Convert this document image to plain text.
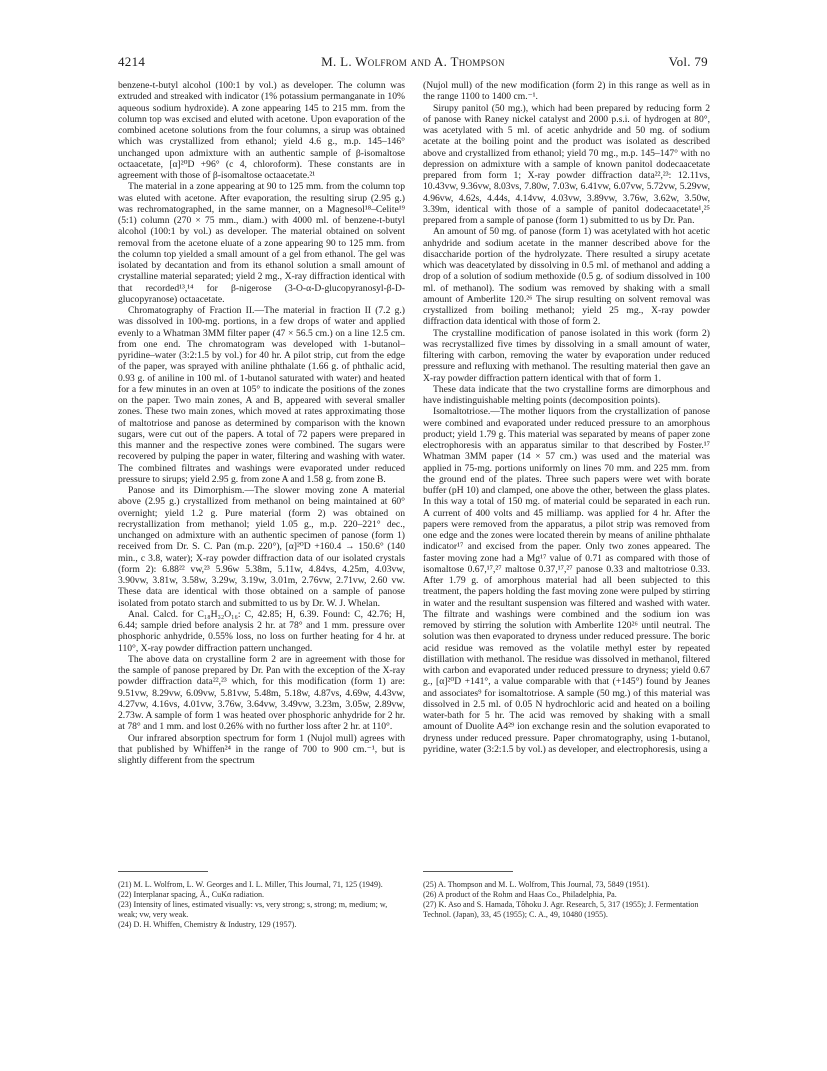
4214	M. L. Wolfrom and A. Thompson	Vol. 79

benzene-t-butyl alcohol (100:1 by vol.) as developer. The column was extruded and streaked with indicator (1% potassium permanganate in 10% aqueous sodium hydroxide). A zone appearing 145 to 215 mm. from the column top was excised and eluted with acetone. Upon evaporation of the combined acetone solutions from the four columns, a sirup was obtained which was crystallized from ethanol; yield 4.6 g., m.p. 145–146° unchanged upon admixture with an authentic sample of β-isomaltose octaacetate, [α]²⁰D +96° (c 4, chloroform). These constants are in agreement with those of β-isomaltose octaacetate.²¹

The material in a zone appearing at 90 to 125 mm. from the column top was eluted with acetone. After evaporation, the resulting sirup (2.95 g.) was rechromatographed, in the same manner, on a Magnesol¹⁸–Celite¹⁹ (5:1) column (270 × 75 mm., diam.) with 4000 ml. of benzene-t-butyl alcohol (100:1 by vol.) as developer. The material obtained on solvent removal from the acetone eluate of a zone appearing 90 to 125 mm. from the column top yielded a small amount of a gel from ethanol. The gel was isolated by decantation and from its ethanol solution a small amount of crystalline material separated; yield 2 mg., X-ray diffraction identical with that recorded¹³,¹⁴ for β-nigerose (3-O-α-D-glucopyranosyl-β-D-glucopyranose) octaacetate.

Chromatography of Fraction II.—The material in fraction II (7.2 g.) was dissolved in 100-mg. portions, in a few drops of water and applied evenly to a Whatman 3MM filter paper (47 × 56.5 cm.) on a line 12.5 cm. from one end. The chromatogram was developed with 1-butanol–pyridine–water (3:2:1.5 by vol.) for 40 hr. A pilot strip, cut from the edge of the paper, was sprayed with aniline phthalate (1.66 g. of phthalic acid, 0.93 g. of aniline in 100 ml. of 1-butanol saturated with water) and heated for a few minutes in an oven at 105° to indicate the positions of the zones on the paper. Two main zones, A and B, appeared with several smaller zones. These two main zones, which moved at rates approximating those of maltotriose and panose as determined by comparison with the known sugars, were cut out of the papers. A total of 72 papers were prepared in this manner and the respective zones were combined. The sugars were recovered by pulping the paper in water, filtering and washing with water. The combined filtrates and washings were evaporated under reduced pressure to sirups; yield 2.95 g. from zone A and 1.58 g. from zone B.

Panose and its Dimorphism.—The slower moving zone A material above (2.95 g.) crystallized from methanol on being maintained at 60° overnight; yield 1.2 g. Pure material (form 2) was obtained on recrystallization from methanol; yield 1.05 g., m.p. 220–221° dec., unchanged on admixture with an authentic specimen of panose (form 1) received from Dr. S. C. Pan (m.p. 220°), [α]²⁰D +160.4 → 150.6° (140 min., c 3.8, water); X-ray powder diffraction data of our isolated crystals (form 2): 6.88²² vw,²³ 5.96w 5.38m, 5.11w, 4.84vs, 4.25m, 4.03vw, 3.90vw, 3.81w, 3.58w, 3.29w, 3.19w, 3.01m, 2.76vw, 2.71vw, 2.60 vw. These data are identical with those obtained on a sample of panose isolated from potato starch and submitted to us by Dr. W. J. Whelan.

Anal. Calcd. for C₁₈H₃₂O₁₆: C, 42.85; H, 6.39. Found: C, 42.76; H, 6.44; sample dried before analysis 2 hr. at 78° and 1 mm. pressure over phosphoric anhydride, 0.55% loss, no loss on further heating for 4 hr. at 110°, X-ray powder diffraction pattern unchanged.

The above data on crystalline form 2 are in agreement with those for the sample of panose prepared by Dr. Pan with the exception of the X-ray powder diffraction data²²,²³ which, for this modification (form 1) are: 9.51vw, 8.29vw, 6.09vw, 5.81vw, 5.48m, 5.18w, 4.87vs, 4.69w, 4.43vw, 4.27vw, 4.16vs, 4.01vw, 3.76w, 3.64vw, 3.49vw, 3.23m, 3.05w, 2.89vw, 2.73w. A sample of form 1 was heated over phosphoric anhydride for 2 hr. at 78° and 1 mm. and lost 0.26% with no further loss after 2 hr. at 110°.

Our infrared absorption spectrum for form 1 (Nujol mull) agrees with that published by Whiffen²⁴ in the range of 700 to 900 cm.⁻¹, but is slightly different from the spectrum

(Nujol mull) of the new modification (form 2) in this range as well as in the range 1100 to 1400 cm.⁻¹.

Sirupy panitol (50 mg.), which had been prepared by reducing form 2 of panose with Raney nickel catalyst and 2000 p.s.i. of hydrogen at 80°, was acetylated with 5 ml. of acetic anhydride and 50 mg. of sodium acetate at the boiling point and the product was isolated as described above and crystallized from ethanol; yield 70 mg., m.p. 145–147° with no depression on admixture with a sample of known panitol dodecaacetate prepared from form 1; X-ray powder diffraction data²²,²³: 12.11vs, 10.43vw, 9.36vw, 8.03vs, 7.80w, 7.03w, 6.41vw, 6.07vw, 5.72vw, 5.29vw, 4.96vw, 4.62s, 4.44s, 4.14vw, 4.03vw, 3.89vw, 3.76w, 3.62w, 3.50w, 3.39m, identical with those of a sample of panitol dodecaacetate¹,²⁵ prepared from a sample of panose (form 1) submitted to us by Dr. Pan.

An amount of 50 mg. of panose (form 1) was acetylated with hot acetic anhydride and sodium acetate in the manner described above for the disaccharide portion of the hydrolyzate. There resulted a sirupy acetate which was deacetylated by dissolving in 0.5 ml. of methanol and adding a drop of a solution of sodium methoxide (0.5 g. of sodium dissolved in 100 ml. of methanol). The sodium was removed by shaking with a small amount of Amberlite 120.²⁶ The sirup resulting on solvent removal was crystallized from boiling methanol; yield 25 mg., X-ray powder diffraction data identical with those of form 2.

The crystalline modification of panose isolated in this work (form 2) was recrystallized five times by dissolving in a small amount of water, filtering with carbon, removing the water by evaporation under reduced pressure and refluxing with methanol. The resulting material then gave an X-ray powder diffraction pattern identical with that of form 1.

These data indicate that the two crystalline forms are dimorphous and have indistinguishable melting points (decomposition points).

Isomaltotriose.—The mother liquors from the crystallization of panose were combined and evaporated under reduced pressure to an amorphous product; yield 1.79 g. This material was separated by means of paper zone electrophoresis with an apparatus similar to that described by Foster.¹⁷ Whatman 3MM paper (14 × 57 cm.) was used and the material was applied in 75-mg. portions uniformly on lines 70 mm. and 225 mm. from the ground end of the plates. Three such papers were wet with borate buffer (pH 10) and clamped, one above the other, between the glass plates. In this way a total of 150 mg. of material could be separated in each run. A current of 400 volts and 45 milliamp. was applied for 4 hr. After the papers were removed from the apparatus, a pilot strip was removed from one edge and the zones were located therein by means of aniline phthalate indicator¹⁷ and excised from the paper. Only two zones appeared. The faster moving zone had a Mg¹⁷ value of 0.71 as compared with those of isomaltose 0.67,¹⁷,²⁷ maltose 0.37,¹⁷,²⁷ panose 0.33 and maltotriose 0.33. After 1.79 g. of amorphous material had all been subjected to this treatment, the papers holding the fast moving zone were pulped by stirring in water and the resultant suspension was filtered and washed with water. The filtrate and washings were combined and the sodium ion was removed by stirring the solution with Amberlite 120²⁶ until neutral. The solution was then evaporated to dryness under reduced pressure. The boric acid residue was removed as the volatile methyl ester by repeated distillation with methanol. The residue was dissolved in methanol, filtered with carbon and evaporated under reduced pressure to dryness; yield 0.67 g., [α]²⁰D +141°, a value comparable with that (+145°) found by Jeanes and associates⁹ for isomaltotriose. A sample (50 mg.) of this material was dissolved in 2.5 ml. of 0.05 N hydrochloric acid and heated on a boiling water-bath for 5 hr. The acid was removed by shaking with a small amount of Duolite A4²⁹ ion exchange resin and the solution evaporated to dryness under reduced pressure. Paper chromatography, using 1-butanol, pyridine, water (3:2:1.5 by vol.) as developer, and electrophoresis, using a

(21) M. L. Wolfrom, L. W. Georges and I. L. Miller, This Journal, 71, 125 (1949).

(22) Interplanar spacing, Å., CuKα radiation.

(23) Intensity of lines, estimated visually: vs, very strong; s, strong; m, medium; w, weak; vw, very weak.

(24) D. H. Whiffen, Chemistry & Industry, 129 (1957).

(25) A. Thompson and M. L. Wolfrom, This Journal, 73, 5849 (1951).

(26) A product of the Rohm and Haas Co., Philadelphia, Pa.

(27) K. Aso and S. Hamada, Tôhoku J. Agr. Research, 5, 317 (1955); J. Fermentation Technol. (Japan), 33, 45 (1955); C. A., 49, 10480 (1955).
